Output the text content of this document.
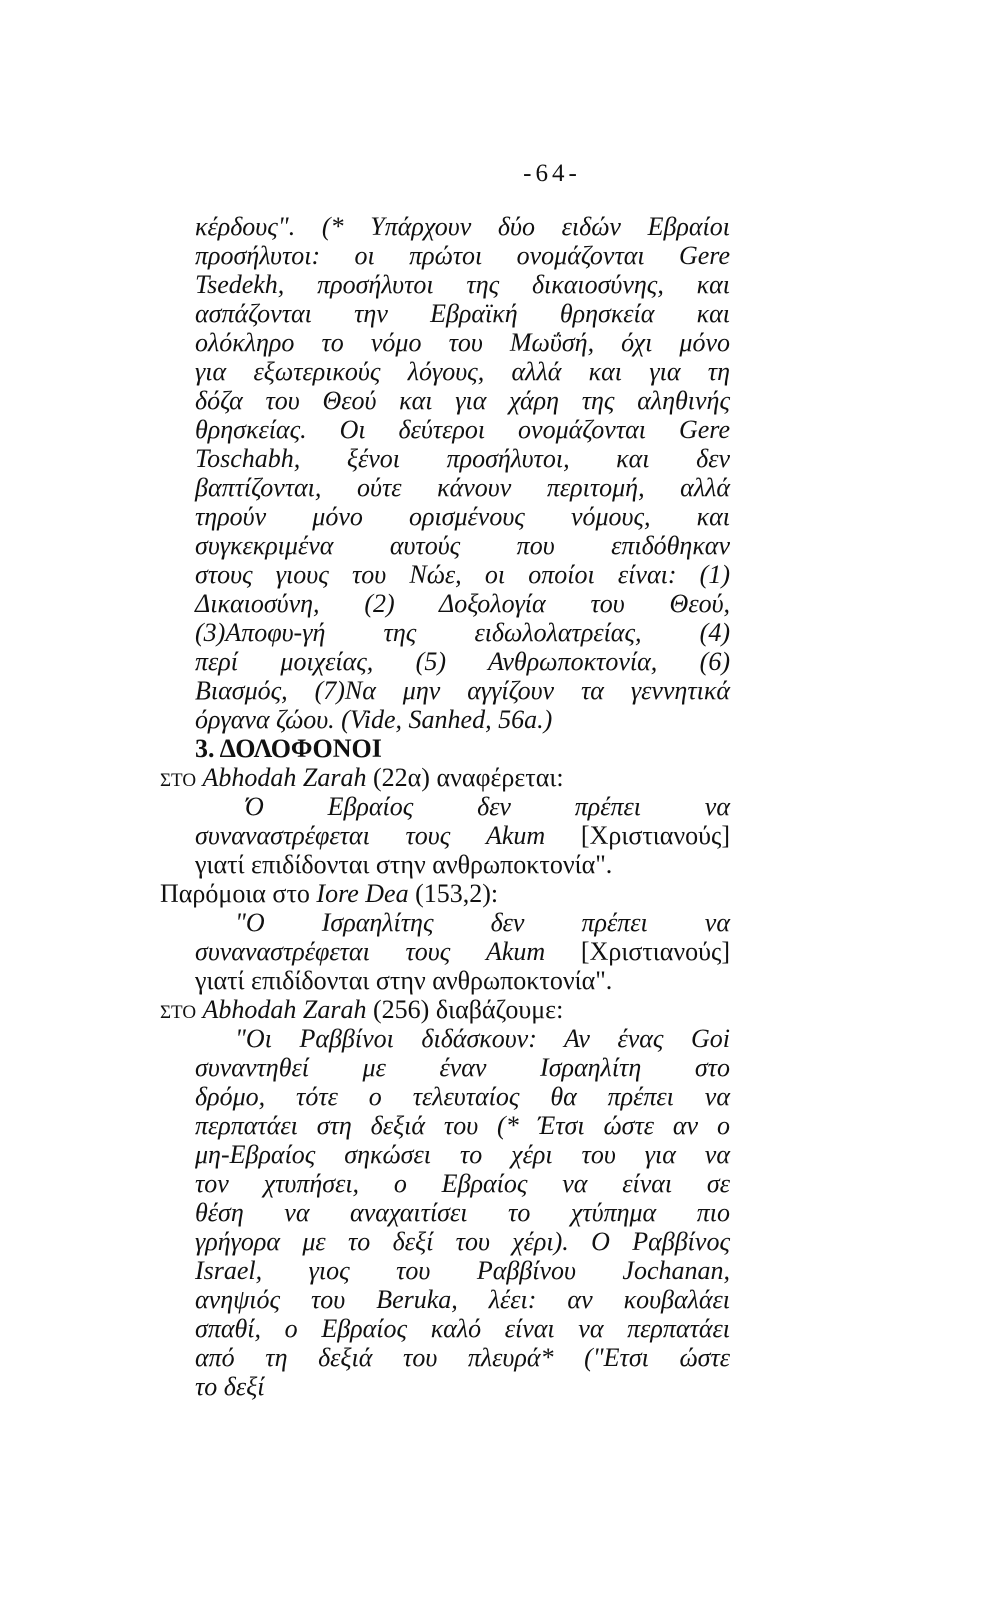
-64-
κέρδους". (* Υπάρχουν δύο ειδών Εβραίοι
προσήλυτοι: οι πρώτοι ονομάζονται Gere
Tsedekh, προσήλυτοι της δικαιοσύνης, και
ασπάζονται την Εβραϊκή θρησκεία και
ολόκληρο το νόμο του Μωΰσή, όχι μόνο
για εξωτερικούς λόγους, αλλά και για τη
δόζα του Θεού και για χάρη της αληθινής
θρησκείας. Οι δεύτεροι ονομάζονται Gere
Toschabh, ξένοι προσήλυτοι, και δεν
βαπτίζονται, ούτε κάνουν περιτομή, αλλά
τηρούν μόνο ορισμένους νόμους, και
συγκεκριμένα αυτούς που επιδόθηκαν
στους γιους του Νώε, οι οποίοι είναι: (1)
Δικαιοσύνη, (2) Δοξολογία του Θεού,
(3)Αποφυ-γή της ειδωλολατρείας, (4)
περί μοιχείας, (5) Ανθρωποκτονία, (6)
Βιασμός, (7)Να μην αγγίζουν τα γεννητικά
όργανα ζώου. (Vide, Sanhed, 56a.)
3. ΔΟΛΟΦΟΝΟΙ
ΣΤΟ Abhodah Zarah (22α) αναφέρεται:
Ό Εβραίος δεν πρέπει να
συναναστρέφεται τους Akum [Χριστιανούς]
γιατί επιδίδονται στην ανθρωποκτονία".
Παρόμοια στο Iore Dea (153,2):
"Ο Ισραηλίτης δεν πρέπει να
συναναστρέφεται τους Akum [Χριστιανούς]
γιατί επιδίδονται στην ανθρωποκτονία".
ΣΤΟ Abhodah Zarah (256) διαβάζουμε:
"Οι Ραββίνοι διδάσκουν: Αν ένας Goi
συναντηθεί με έναν Ισραηλίτη στο
δρόμο, τότε ο τελευταίος θα πρέπει να
περπατάει στη δεξιά του (* Έτσι ώστε αν ο
μη-Εβραίος σηκώσει το χέρι του για να
τον χτυπήσει, ο Εβραίος να είναι σε
θέση να αναχαιτίσει το χτύπημα πιο
γρήγορα με το δεξί του χέρι). Ο Ραββίνος
Israel, γιος του Ραββίνου Jochanan,
ανηψιός του Beruka, λέει: αν κουβαλάει
σπαθί, ο Εβραίος καλό είναι να περπατάει
από τη δεξιά του πλευρά* ("Ετσι ώστε
το δεξί
